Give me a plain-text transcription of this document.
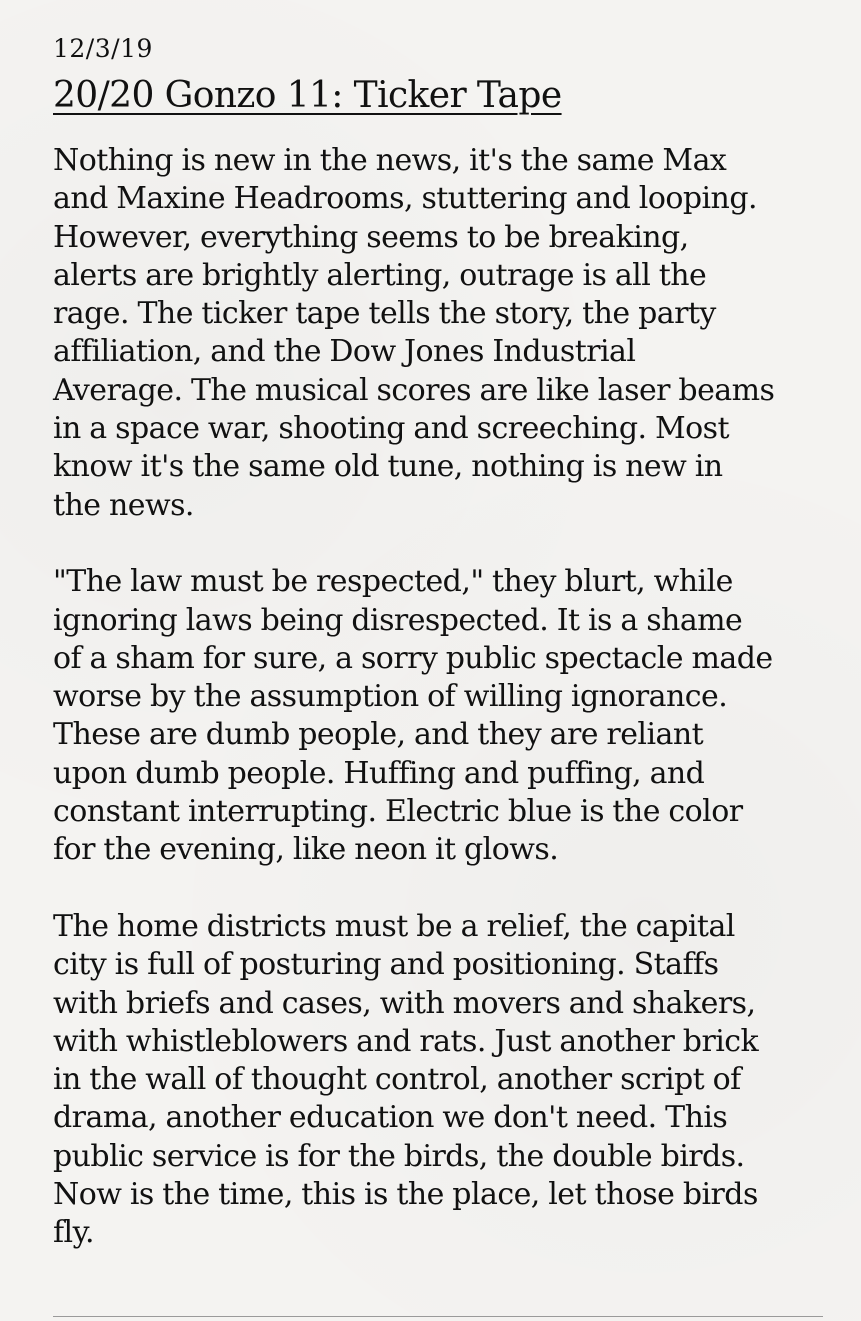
12/3/19
20/20 Gonzo 11: Ticker Tape

Nothing is new in the news, it's the same Max
and Maxine Headrooms, stuttering and looping.
However, everything seems to be breaking,
alerts are brightly alerting, outrage is all the
rage. The ticker tape tells the story, the party
affiliation, and the Dow Jones Industrial
Average. The musical scores are like laser beams
in a space war, shooting and screeching. Most
know it's the same old tune, nothing is new in
the news.

"The law must be respected," they blurt, while
ignoring laws being disrespected. It is a shame
of a sham for sure, a sorry public spectacle made
worse by the assumption of willing ignorance.
These are dumb people, and they are reliant
upon dumb people. Huffing and puffing, and
constant interrupting. Electric blue is the color
for the evening, like neon it glows.

The home districts must be a relief, the capital
city is full of posturing and positioning. Staffs
with briefs and cases, with movers and shakers,
with whistleblowers and rats. Just another brick
in the wall of thought control, another script of
drama, another education we don't need. This
public service is for the birds, the double birds.
Now is the time, this is the place, let those birds
fly.
